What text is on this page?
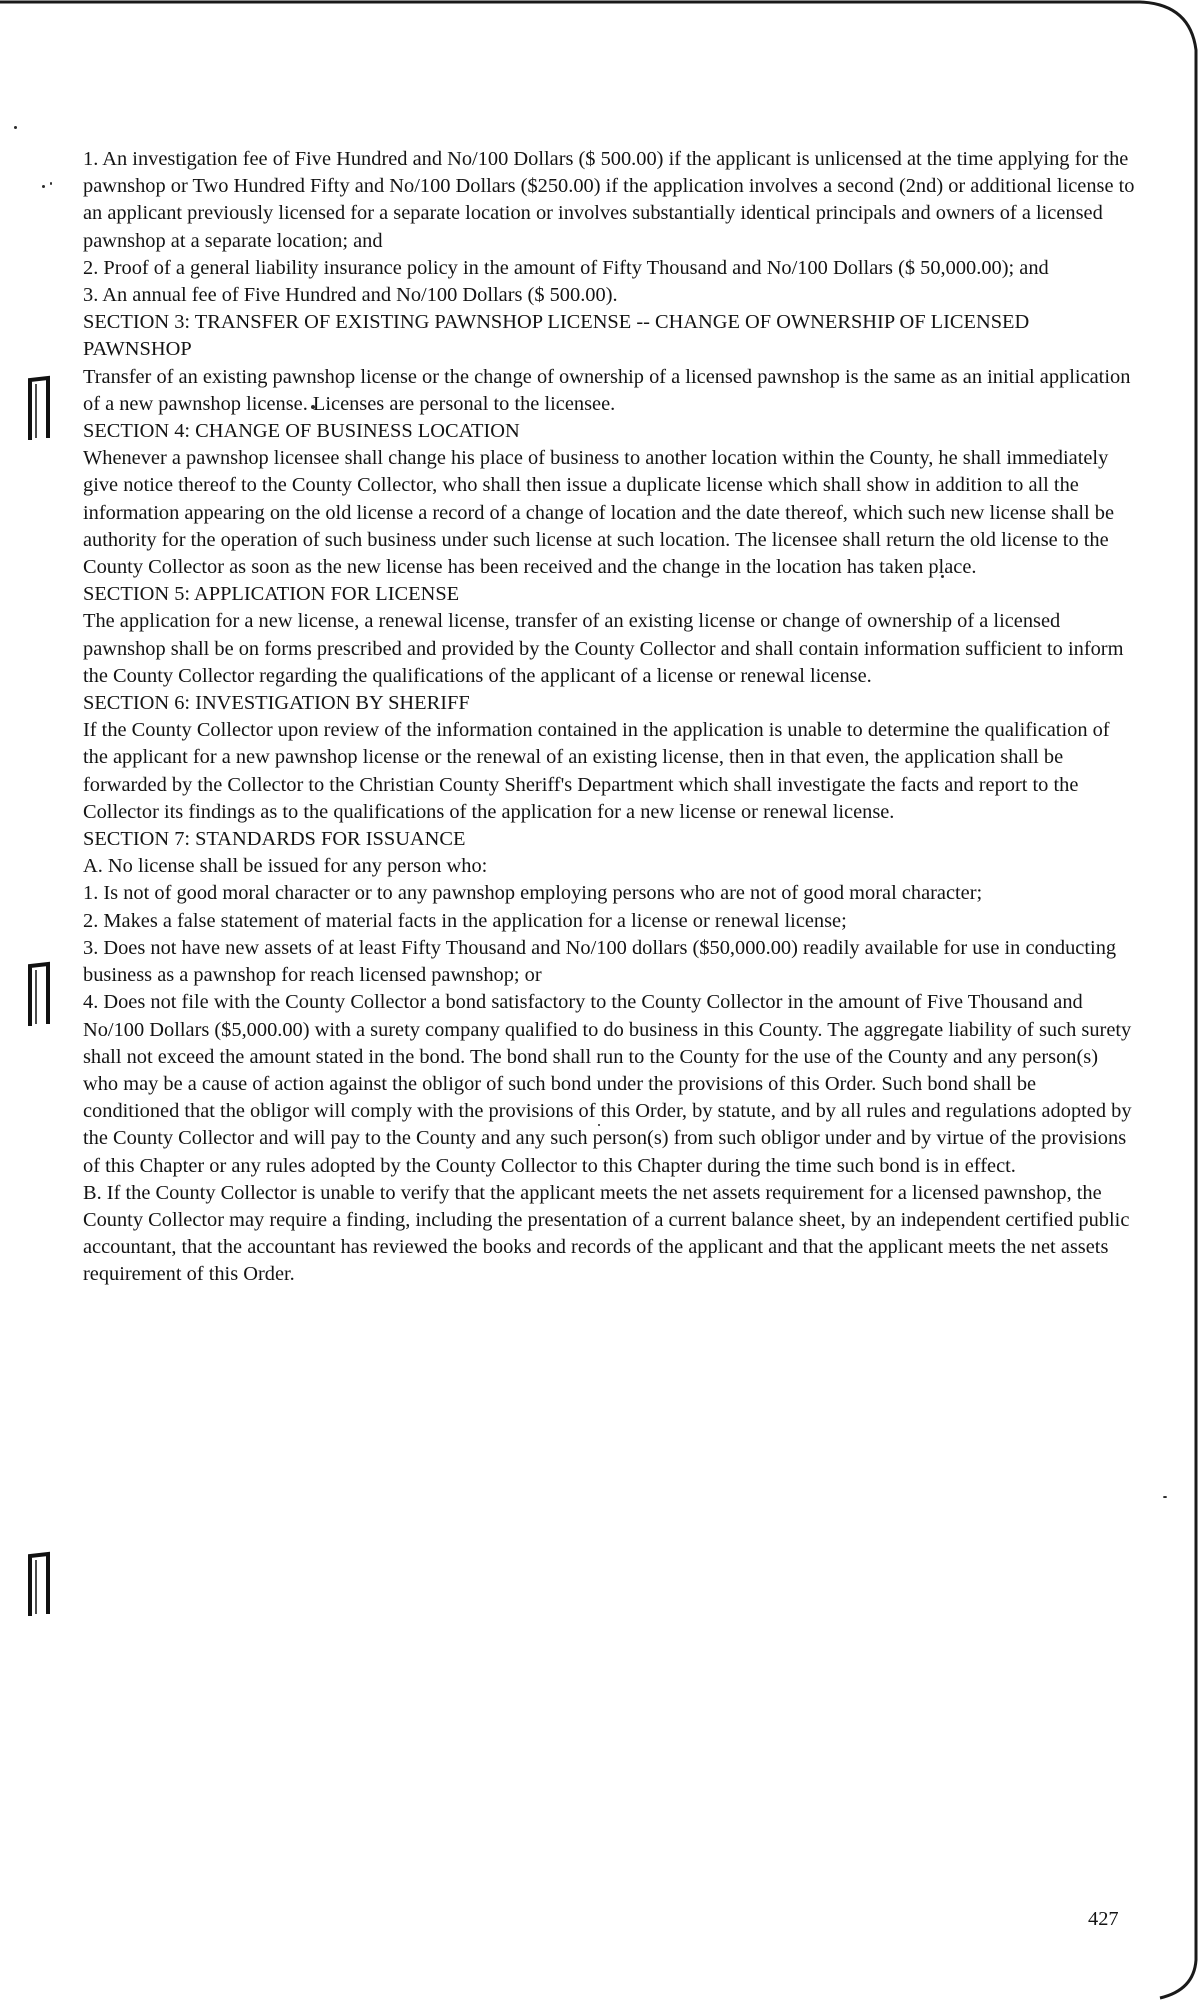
1. An investigation fee of Five Hundred and No/100 Dollars ($ 500.00) if the applicant is unlicensed at the time applying for the pawnshop or Two Hundred Fifty and No/100 Dollars ($250.00) if the application involves a second (2nd) or additional license to an applicant previously licensed for a separate location or involves substantially identical principals and owners of a licensed pawnshop at a separate location; and

2. Proof of a general liability insurance policy in the amount of Fifty Thousand and No/100 Dollars ($ 50,000.00); and

3. An annual fee of Five Hundred and No/100 Dollars ($ 500.00).

SECTION 3: TRANSFER OF EXISTING PAWNSHOP LICENSE -- CHANGE OF OWNERSHIP OF LICENSED PAWNSHOP

Transfer of an existing pawnshop license or the change of ownership of a licensed pawnshop is the same as an initial application of a new pawnshop license. Licenses are personal to the licensee.

SECTION 4: CHANGE OF BUSINESS LOCATION

Whenever a pawnshop licensee shall change his place of business to another location within the County, he shall immediately give notice thereof to the County Collector, who shall then issue a duplicate license which shall show in addition to all the information appearing on the old license a record of a change of location and the date thereof, which such new license shall be authority for the operation of such business under such license at such location. The licensee shall return the old license to the County Collector as soon as the new license has been received and the change in the location has taken place.

SECTION 5: APPLICATION FOR LICENSE

The application for a new license, a renewal license, transfer of an existing license or change of ownership of a licensed pawnshop shall be on forms prescribed and provided by the County Collector and shall contain information sufficient to inform the County Collector regarding the qualifications of the applicant of a license or renewal license.

SECTION 6: INVESTIGATION BY SHERIFF

If the County Collector upon review of the information contained in the application is unable to determine the qualification of the applicant for a new pawnshop license or the renewal of an existing license, then in that even, the application shall be forwarded by the Collector to the Christian County Sheriff's Department which shall investigate the facts and report to the Collector its findings as to the qualifications of the application for a new license or renewal license.

SECTION 7: STANDARDS FOR ISSUANCE

A. No license shall be issued for any person who:

1. Is not of good moral character or to any pawnshop employing persons who are not of good moral character;

2. Makes a false statement of material facts in the application for a license or renewal license;

3. Does not have new assets of at least Fifty Thousand and No/100 dollars ($50,000.00) readily available for use in conducting business as a pawnshop for reach licensed pawnshop; or

4. Does not file with the County Collector a bond satisfactory to the County Collector in the amount of Five Thousand and No/100 Dollars ($5,000.00) with a surety company qualified to do business in this County. The aggregate liability of such surety shall not exceed the amount stated in the bond. The bond shall run to the County for the use of the County and any person(s) who may be a cause of action against the obligor of such bond under the provisions of this Order. Such bond shall be conditioned that the obligor will comply with the provisions of this Order, by statute, and by all rules and regulations adopted by the County Collector and will pay to the County and any such person(s) from such obligor under and by virtue of the provisions of this Chapter or any rules adopted by the County Collector to this Chapter during the time such bond is in effect.

B. If the County Collector is unable to verify that the applicant meets the net assets requirement for a licensed pawnshop, the County Collector may require a finding, including the presentation of a current balance sheet, by an independent certified public accountant, that the accountant has reviewed the books and records of the applicant and that the applicant meets the net assets requirement of this Order.

427
